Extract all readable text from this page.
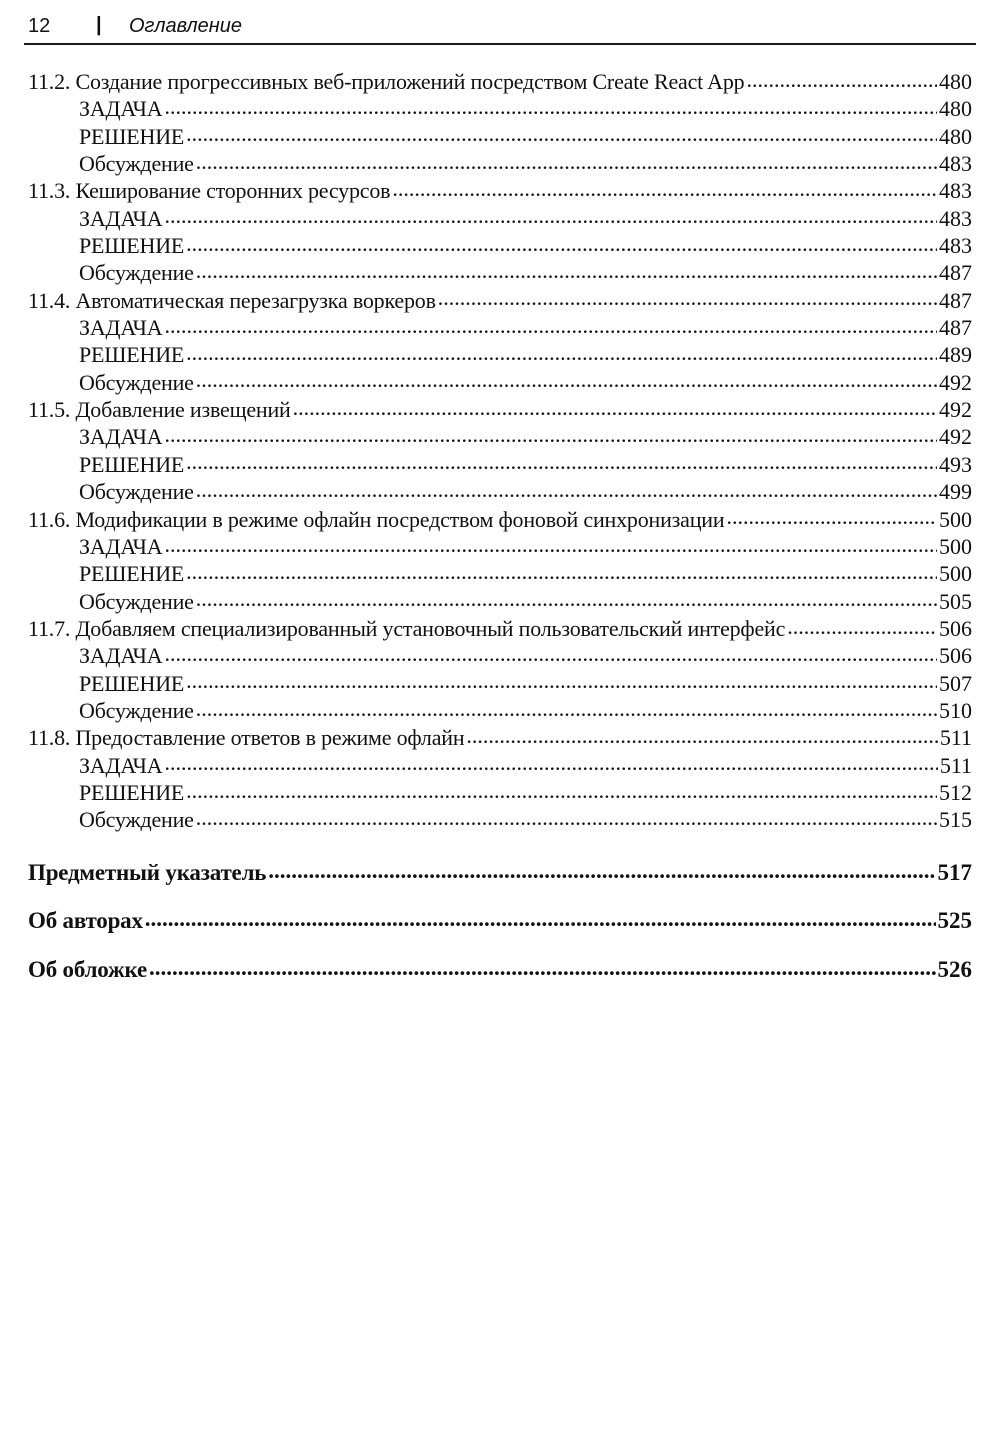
12 | Оглавление
11.2. Создание прогрессивных веб-приложений посредством Create React App .....	480
ЗАДАЧА .....	480
РЕШЕНИЕ .....	480
Обсуждение .....	483
11.3. Кеширование сторонних ресурсов .....	483
ЗАДАЧА .....	483
РЕШЕНИЕ .....	483
Обсуждение .....	487
11.4. Автоматическая перезагрузка воркеров .....	487
ЗАДАЧА .....	487
РЕШЕНИЕ .....	489
Обсуждение .....	492
11.5. Добавление извещений .....	492
ЗАДАЧА .....	492
РЕШЕНИЕ .....	493
Обсуждение .....	499
11.6. Модификации в режиме офлайн посредством фоновой синхронизации .....	500
ЗАДАЧА .....	500
РЕШЕНИЕ .....	500
Обсуждение .....	505
11.7. Добавляем специализированный установочный пользовательский интерфейс .....	506
ЗАДАЧА .....	506
РЕШЕНИЕ .....	507
Обсуждение .....	510
11.8. Предоставление ответов в режиме офлайн .....	511
ЗАДАЧА .....	511
РЕШЕНИЕ .....	512
Обсуждение .....	515
Предметный указатель .....	517
Об авторах .....	525
Об обложке .....	526
